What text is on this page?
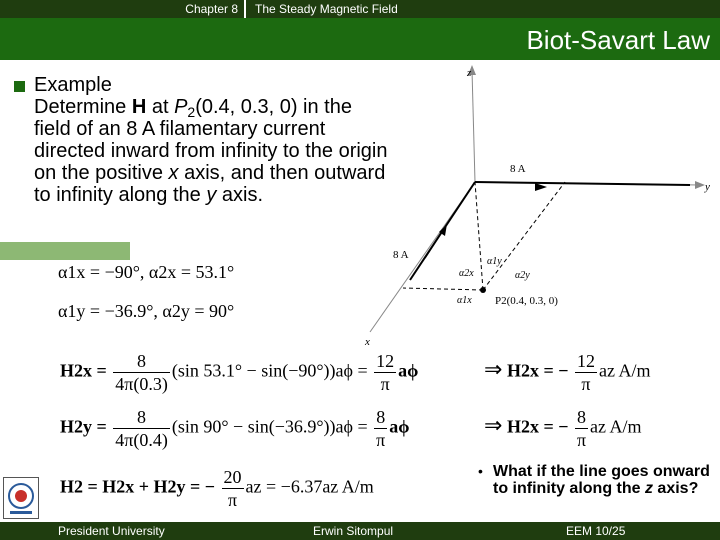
Chapter 8	The Steady Magnetic Field
Biot-Savart Law
Example
Determine H at $P_2(0.4$, 0.3, 0) in the field of an 8 A filamentary current directed inward from infinity to the origin on the positive x axis, and then outward to infinity along the y axis.
z
y
x
8 A
8 A
α2x
α1y
α2y
α1x P2(0.4, 0.3, 0)
α1x = −90°, α2x = 53.1°
α1y = −36.9°, α2y = 90°
$H2x = \frac{8}{4\pi(0.3)} (\sin$ $53.1^\circ - \sin(-90^\circ))a\phi = \frac{12}{\pi}$ aϕ	⇒ H2x = − $\frac{12}{\pi}$ az A/m
$H2y = \frac{8}{4\pi(0.4)} (\sin$ $90^\circ - \sin(-36.9^\circ))a\phi = \frac{8}{\pi}$ aϕ	⇒ H2x = − $\frac{8}{\pi}$ az A/m
H2 = H2x + H2y = − $\frac{20}{\pi}$ az = −6.37az A/m
• What if the line goes onward to infinity along the z axis?
President University	Erwin Sitompul	EEM 10/25
